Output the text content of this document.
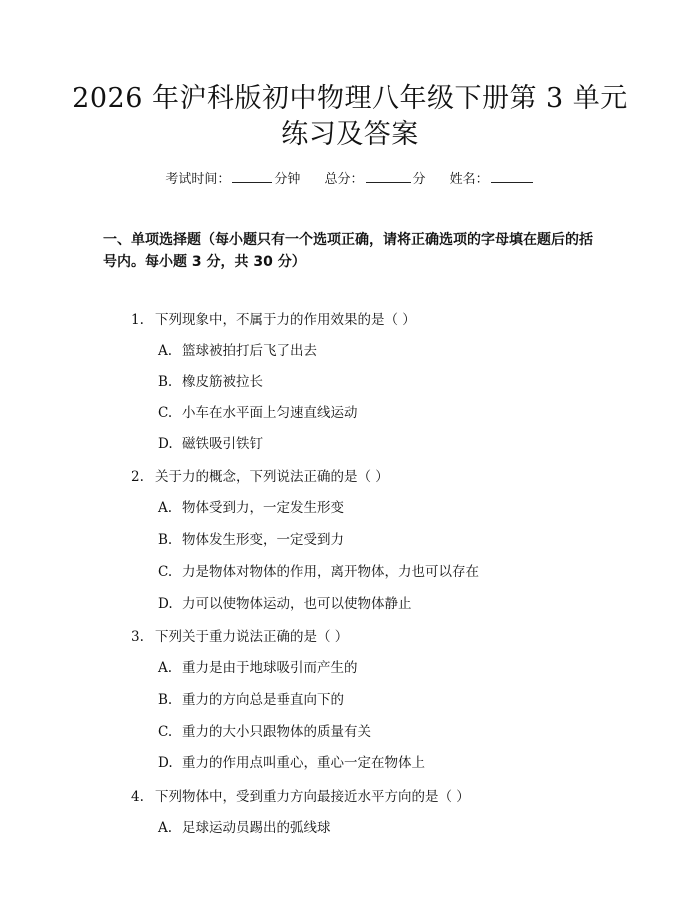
2026 年沪科版初中物理八年级下册第 3 单元
练习及答案
考试时间：	分钟 总分：	分 姓名：
一、单项选择题（每小题只有一个选项正确，请将正确选项的字母填在题后的括号内。每小题 3 分，共 30 分）
1. 下列现象中，不属于力的作用效果的是（ ）
A. 篮球被拍打后飞了出去
B. 橡皮筋被拉长
C. 小车在水平面上匀速直线运动
D. 磁铁吸引铁钉
2. 关于力的概念，下列说法正确的是（ ）
A. 物体受到力，一定发生形变
B. 物体发生形变，一定受到力
C. 力是物体对物体的作用，离开物体，力也可以存在
D. 力可以使物体运动，也可以使物体静止
3. 下列关于重力说法正确的是（ ）
A. 重力是由于地球吸引而产生的
B. 重力的方向总是垂直向下的
C. 重力的大小只跟物体的质量有关
D. 重力的作用点叫重心，重心一定在物体上
4. 下列物体中，受到重力方向最接近水平方向的是（ ）
A. 足球运动员踢出的弧线球
